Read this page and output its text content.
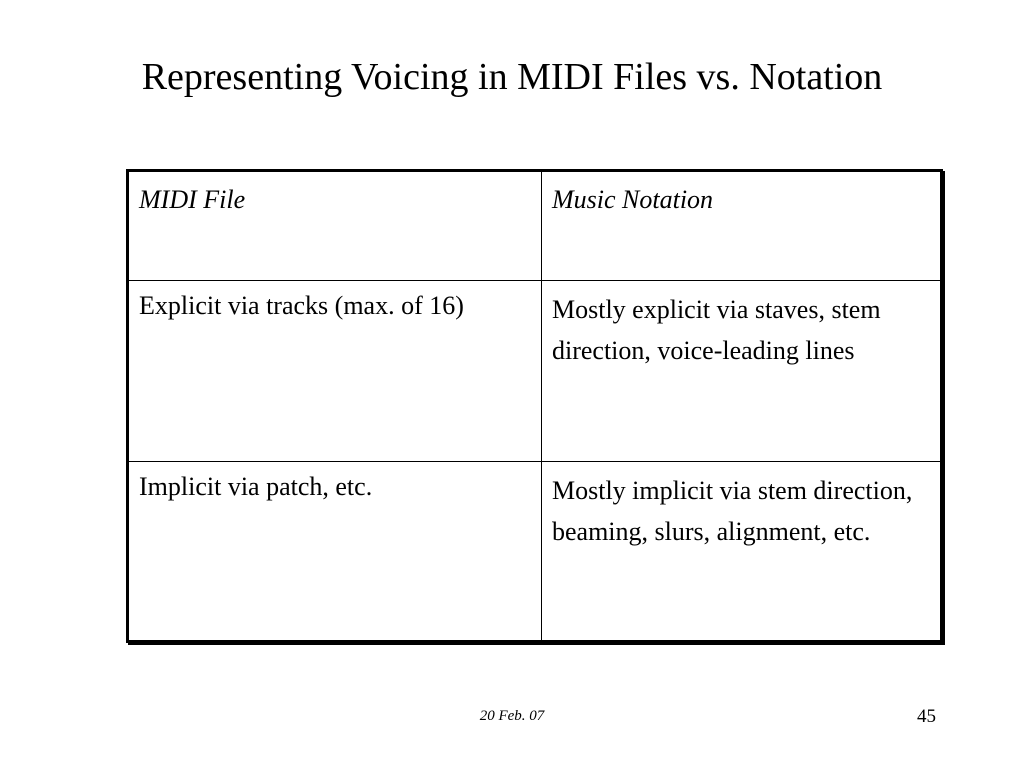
Representing Voicing in MIDI Files vs. Notation
MIDI File	Music Notation
Explicit via tracks (max. of 16)	Mostly explicit via staves, stem direction, voice-leading lines
Implicit via patch, etc.	Mostly implicit via stem direction, beaming, slurs, alignment, etc.
20 Feb. 07	45
